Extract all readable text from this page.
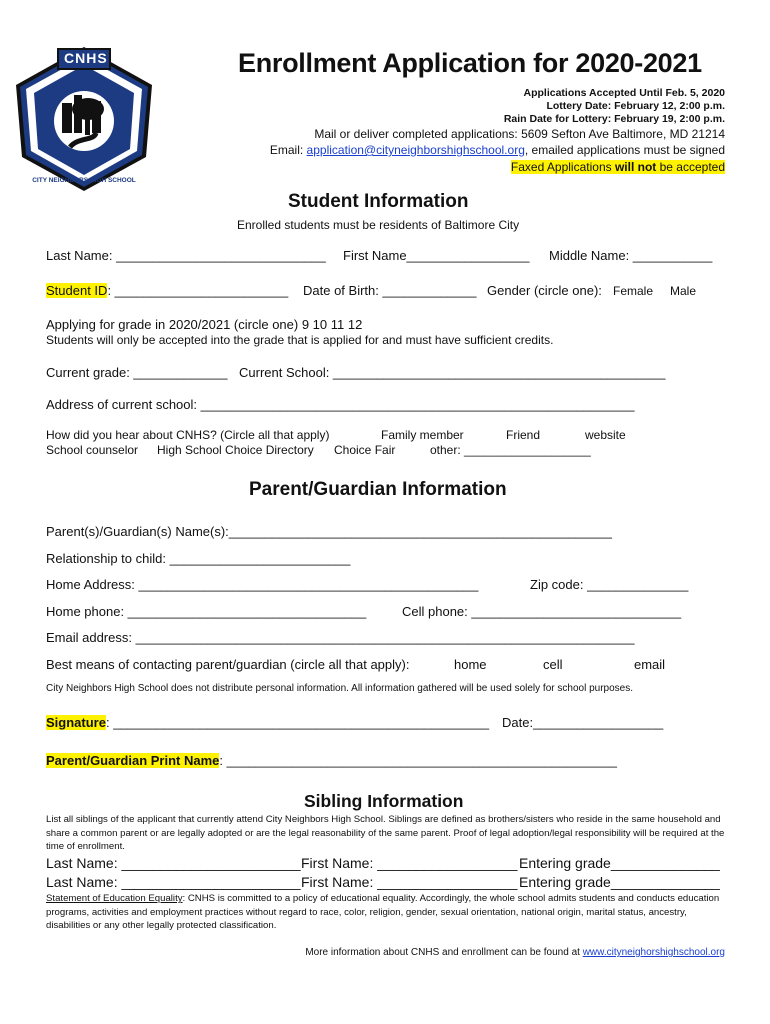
CNHS
CITY NEIGHBORS HIGH SCHOOL
Enrollment Application for 2020-2021
Applications Accepted Until Feb. 5, 2020
Lottery Date: February 12, 2:00 p.m.
Rain Date for Lottery: February 19, 2:00 p.m.
Mail or deliver completed applications: 5609 Sefton Ave Baltimore, MD 21214
Email: application@cityneighborshighschool.org, emailed applications must be signed
Faxed Applications will not be accepted
Student Information
Enrolled students must be residents of Baltimore City
Last Name: _____________________________ First Name_________________ Middle Name: ___________
Student ID: ________________________ Date of Birth: _____________ Gender (circle one): Female Male
Applying for grade in 2020/2021 (circle one) 9 10 11 12
Students will only be accepted into the grade that is applied for and must have sufficient credits.
Current grade: _____________ Current School: ______________________________________________
Address of current school: ____________________________________________________________
How did you hear about CNHS? (Circle all that apply)	Family member	Friend	website
School counselor High School Choice Directory Choice Fair	other: ___________________
Parent/Guardian Information
Parent(s)/Guardian(s) Name(s):_____________________________________________________
Relationship to child: _________________________
Home Address: _______________________________________________	Zip code: ______________
Home phone: _________________________________	Cell phone: _____________________________
Email address: _____________________________________________________________________
Best means of contacting parent/guardian (circle all that apply):	home	cell	email
City Neighbors High School does not distribute personal information. All information gathered will be used solely for school purposes.
Signature: ____________________________________________________ Date:__________________
Parent/Guardian Print Name: ______________________________________________________
Sibling Information
List all siblings of the applicant that currently attend City Neighbors High School. Siblings are defined as brothers/sisters who reside in the same household and share a common parent or are legally adopted or are the legal reasonability of the same parent. Proof of legal adoption/legal responsibility will be required at the time of enrollment.
Last Name: _______________________ First Name: __________________ Entering grade______________
Last Name: _______________________ First Name: __________________ Entering grade______________
Statement of Education Equality: CNHS is committed to a policy of educational equality. Accordingly, the whole school admits students and conducts education programs, activities and employment practices without regard to race, color, religion, gender, sexual orientation, national origin, marital status, ancestry, disabilities or any other legally protected classification.
More information about CNHS and enrollment can be found at www.cityneighorshighschool.org
